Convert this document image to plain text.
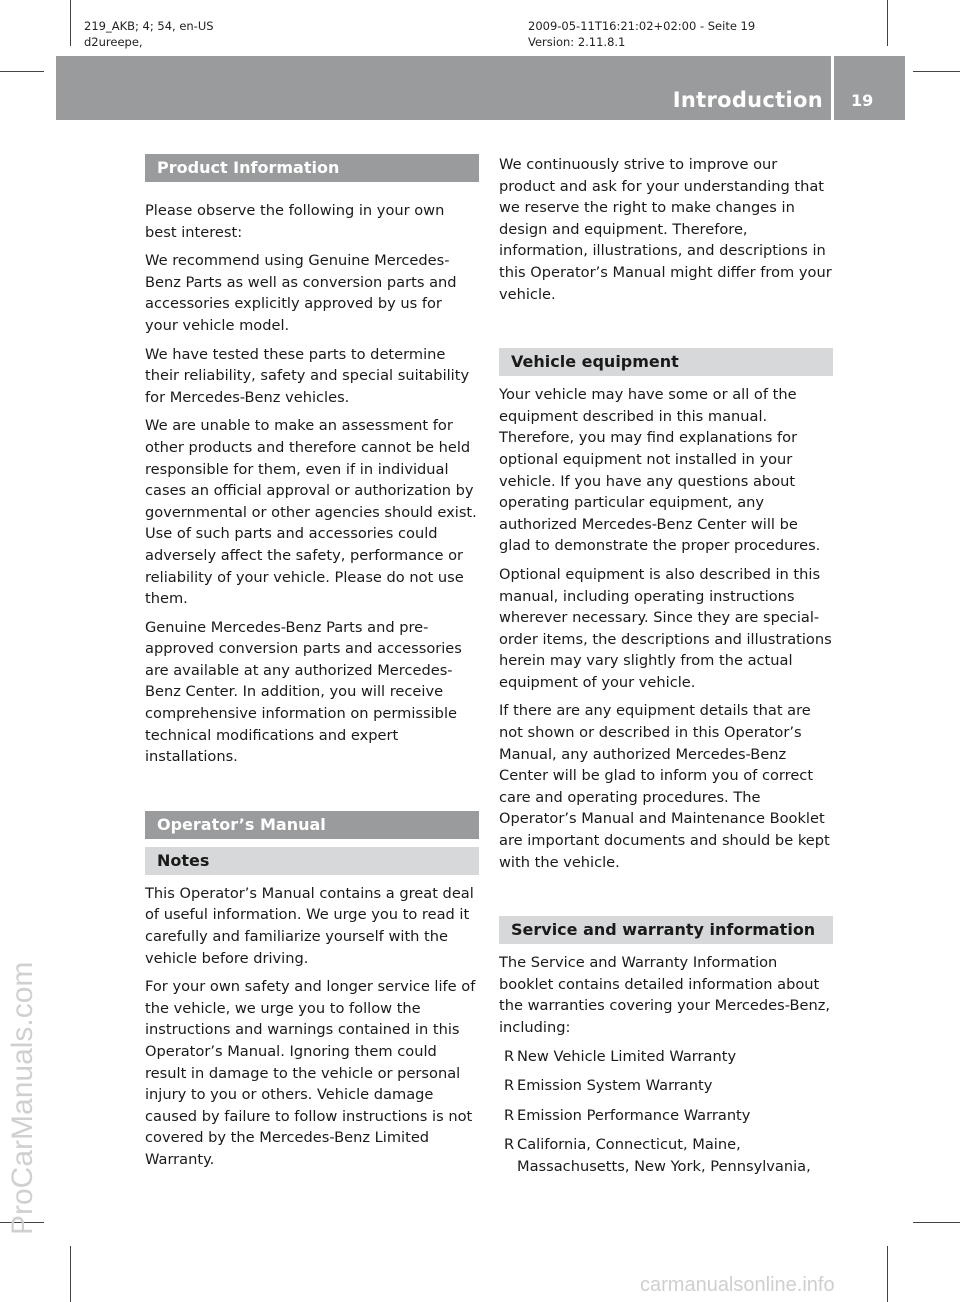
219_AKB; 4; 54, en-US
d2ureepe,
2009-05-11T16:21:02+02:00 - Seite 19
Version: 2.11.8.1
Introduction 19
ProCarManuals.com
Product Information

Please observe the following in your own best interest:

We recommend using Genuine Mercedes-Benz Parts as well as conversion parts and accessories explicitly approved by us for your vehicle model.

We have tested these parts to determine their reliability, safety and special suitability for Mercedes-Benz vehicles.

We are unable to make an assessment for other products and therefore cannot be held responsible for them, even if in individual cases an official approval or authorization by governmental or other agencies should exist. Use of such parts and accessories could adversely affect the safety, performance or reliability of your vehicle. Please do not use them.

Genuine Mercedes-Benz Parts and pre-approved conversion parts and accessories are available at any authorized Mercedes-Benz Center. In addition, you will receive comprehensive information on permissible technical modifications and expert installations.

Operator’s Manual
Notes

This Operator’s Manual contains a great deal of useful information. We urge you to read it carefully and familiarize yourself with the vehicle before driving.

For your own safety and longer service life of the vehicle, we urge you to follow the instructions and warnings contained in this Operator’s Manual. Ignoring them could result in damage to the vehicle or personal injury to you or others. Vehicle damage caused by failure to follow instructions is not covered by the Mercedes-Benz Limited Warranty.

We continuously strive to improve our product and ask for your understanding that we reserve the right to make changes in design and equipment. Therefore, information, illustrations, and descriptions in this Operator’s Manual might differ from your vehicle.

Vehicle equipment

Your vehicle may have some or all of the equipment described in this manual. Therefore, you may find explanations for optional equipment not installed in your vehicle. If you have any questions about operating particular equipment, any authorized Mercedes-Benz Center will be glad to demonstrate the proper procedures.

Optional equipment is also described in this manual, including operating instructions wherever necessary. Since they are special-order items, the descriptions and illustrations herein may vary slightly from the actual equipment of your vehicle.

If there are any equipment details that are not shown or described in this Operator’s Manual, any authorized Mercedes-Benz Center will be glad to inform you of correct care and operating procedures. The Operator’s Manual and Maintenance Booklet are important documents and should be kept with the vehicle.

Service and warranty information

The Service and Warranty Information booklet contains detailed information about the warranties covering your Mercedes-Benz, including:

R New Vehicle Limited Warranty
R Emission System Warranty
R Emission Performance Warranty
R California, Connecticut, Maine, Massachusetts, New York, Pennsylvania,
carmanualsonline.info
